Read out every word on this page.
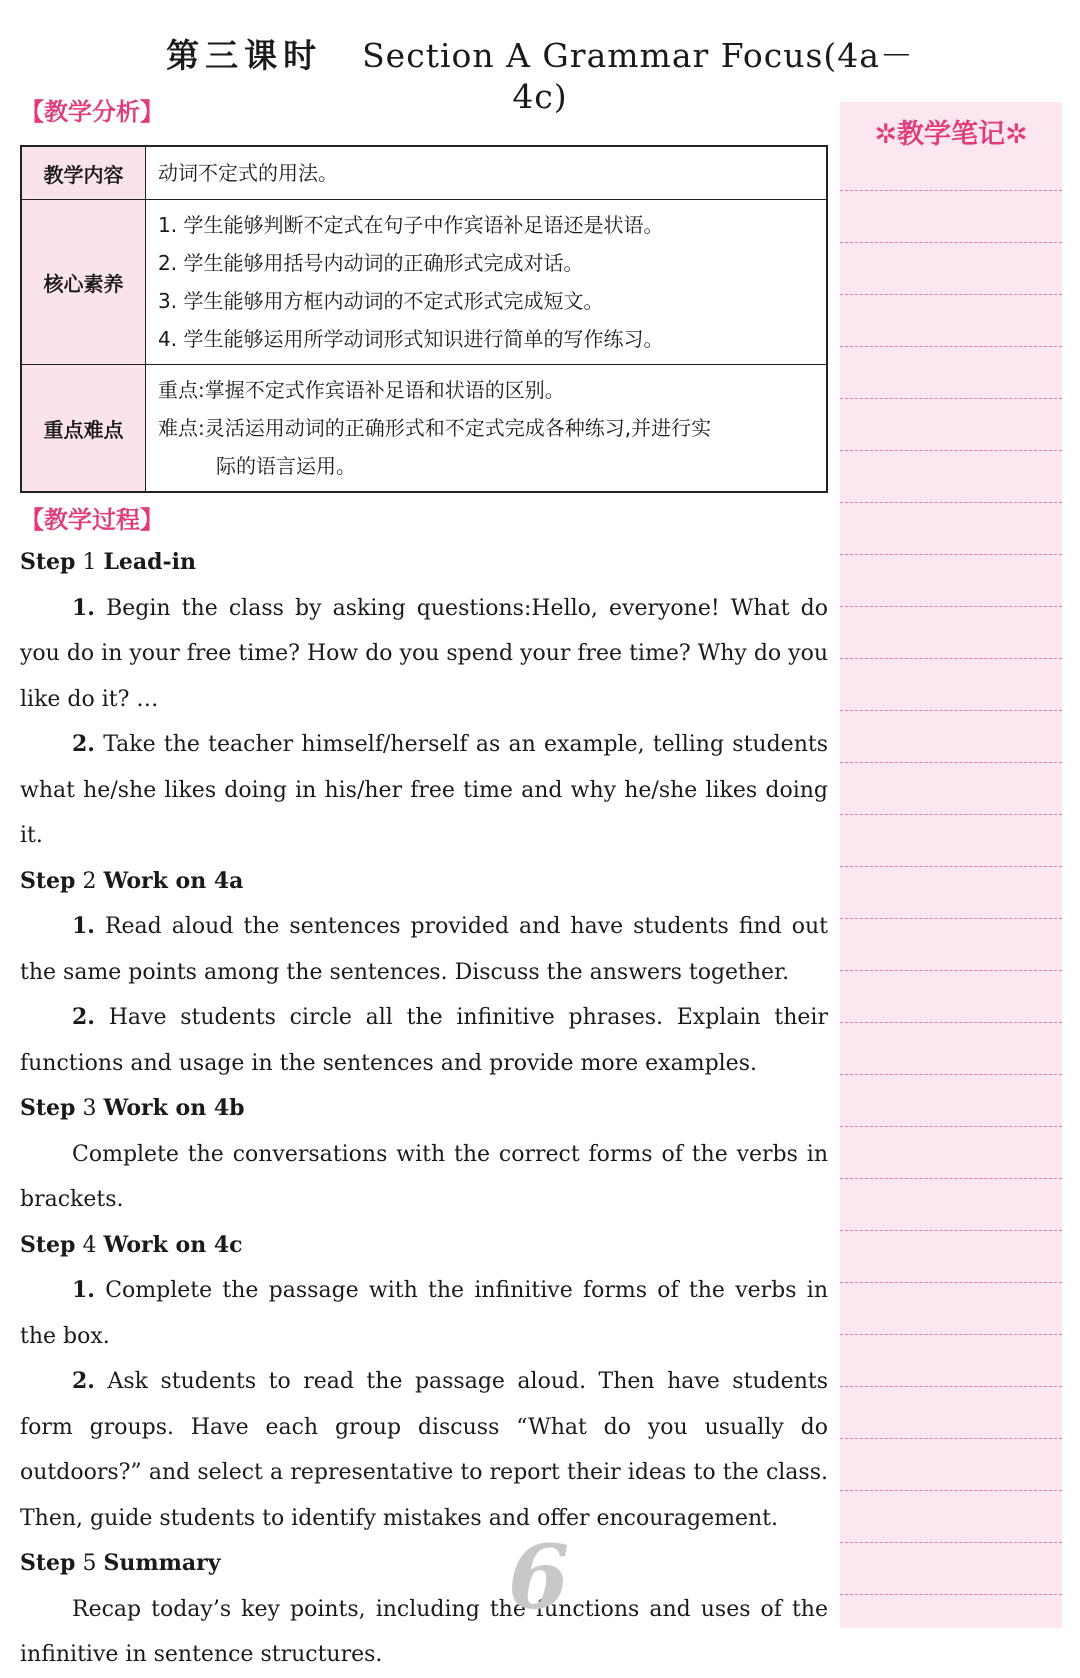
第三课时 Section A Grammar Focus(4a－4c)
【教学分析】
教学内容	动词不定式的用法。
核心素养	1. 学生能够判断不定式在句子中作宾语补足语还是状语。
2. 学生能够用括号内动词的正确形式完成对话。
3. 学生能够用方框内动词的不定式形式完成短文。
4. 学生能够运用所学动词形式知识进行简单的写作练习。

重点难点	重点:掌握不定式作宾语补足语和状语的区别。
难点:灵活运用动词的正确形式和不定式完成各种练习,并进行实
际的语言运用。
✲教学笔记✲
【教学过程】
Step 1 Lead-in

1. Begin the class by asking questions:Hello, everyone! What do you do in your free time? How do you spend your free time? Why do you like do it? …

2. Take the teacher himself/herself as an example, telling students what he/she likes doing in his/her free time and why he/she likes doing it.

Step 2 Work on 4a

1. Read aloud the sentences provided and have students find out the same points among the sentences. Discuss the answers together.

2. Have students circle all the infinitive phrases. Explain their functions and usage in the sentences and provide more examples.

Step 3 Work on 4b

Complete the conversations with the correct forms of the verbs in brackets.

Step 4 Work on 4c

1. Complete the passage with the infinitive forms of the verbs in the box.

2. Ask students to read the passage aloud. Then have students form groups. Have each group discuss “What do you usually do outdoors?” and select a representative to report their ideas to the class. Then, guide students to identify mistakes and offer encouragement.

Step 5 Summary

Recap today’s key points, including the functions and uses of the infinitive in sentence structures.

6
